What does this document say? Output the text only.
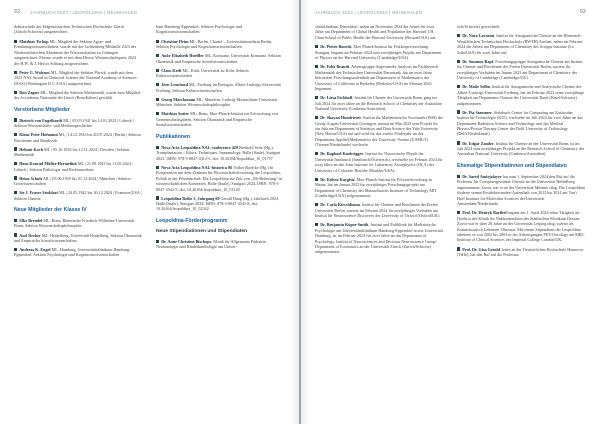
92 JAHRBUCH 2023 | LEOPOLDINA | NEUWAHLEN
doktorwürde der Eidgenössischen Technischen Hochschule Zürich (Zürich/Schweiz) ausgezeichnet.
Matthias Tschöp ML, Mitglied der Sektion Agrar- und Ernährungswissenschaften, wurde mit der Lichtenberg-Medaille 2023 der Niedersächsischen Akademie der Wissenschaften zu Göttingen ausgezeichnet. Ebenso wurde er mit dem Hector Wissenschaftspreis 2024 der H.W. & J. Hector Stiftung ausgezeichnet.
Peter G. Wolynes ML, Mitglied der Sektion Physik, wurde mit dem 2023 NAS Award in Chemical Science der National Academy of Sciences (NAS) (Washington D.C./USA) ausgezeichnet.
Don Zagier ML, Mitglied der Sektion Mathematik, wurde zum Mitglied der Accademia Nazionale dei Lincei (Rom/Italien) gewählt.
Verstorbene Mitglieder
Dietrich von Engelhardt ML | 05.05.1941 bis 14.01.2023 | Lübeck | Sektion Wissenschafts- und Medizingeschichte
Klaus Peter Hofmann ML | 14.12.1943 bis 20.07.2024 | Berlin | Sektion Biochemie und Biophysik
Helmut Koch ML | 05.10.1932 bis 12.11.2024 | Dresden | Sektion Mathematik
Hans Konrad Müller-Hermelink ML | 21.09.1943 bis 11.05.2024 | Lübeck | Sektion Pathologie und Rechtsmedizin
Heinz Schulz ML | 05.06.1935 bis 01.12.2024 | München | Sektion Geowissenschaften
Sir J. Fraser Stoddart ML | 24.05.1942 bis 30.12.2024 | Evanston/USA | Sektion Chemie
Neue Mitglieder der Klasse IV
Elke Brendel ML, Bonn, Rheinische Friedrich-Wilhelms-Universität Bonn, Sektion Wissenschaftsphilosophie
Axel Dreher ML, Heidelberg, Universität Heidelberg, Sektion Ökonomik und Empirische Sozialwissenschaften
Andreas K. Engel ML, Hamburg, Universitätsklinikum Hamburg-Eppendorf, Sektion Psychologie und Kognitionswissenschaften
kum Hamburg-Eppendorf, Sektion Psychologie und Kognitionswissenschaften
Christine Heim ML, Berlin, Charité – Universitätsmedizin Berlin, Sektion Psychologie und Kognitionswissenschaften
Anke Elisabeth Hoeffler ML, Konstanz, Universität Konstanz, Sektion Ökonomik und Empirische Sozialwissenschaften
Claus Kreß ML, Köln, Universität zu Köln, Sektion Kulturwissenschaften
Jörn Leonhard ML, Freiburg im Breisgau, Albert-Ludwigs-Universität Freiburg, Sektion Kulturwissenschaften
Georg Marckmann ML, München, Ludwig-Maximilians-Universität München, Sektion Wissenschaftsphilosophie
Matthias Sutter ML, Bonn, Max-Planck-Institut zur Erforschung von Gemeinschaftsgütern, Sektion Ökonomik und Empirische Sozialwissenschaften
Publikationen
Nova Acta Leopoldina NAL-conference 429 Berthold Seitz (Hg.), Transplantation – Ethics, Techniques, Immunology, Halle (Saale), Stuttgart 2023. ISBN: 978-3-8047-4312-5, doi: 10.26164/leopoldina_10_01757
Nova Acta Leopoldina NAL-historica 86 Volker Roelcke (Hg.) In Kooperation mit dem Zentrum für Wissenschaftsforschung der Leopoldina, Politik in der Wissenschaft: Die Leopoldina zur Zeit von „NS-Belastung“ in wissenschaftlichen Kontexten, Halle (Saale), Stuttgart 2024. ISBN: 978-3-8047-4542-5, doi: 10.26164/leopoldina_10_01229
Leopoldina Reihe 3, Jahrgang 69 Gerald Haug (Hg.), Jahrbuch 2023, Halle (Saale), Stuttgart 2024. ISBN: 978-3-8047-4541-8, doi: 10.26164/leopoldina_10_02342
Leopoldina-Förderprogramm
Neue Stipendiatinnen und Stipendiaten
Dr. Anne Christine Bischops, Klinik für Allgemeine Pädiatrie, Neonatologie und Kinderkardiologie am Univer-
JAHRBUCH 2023 | LEOPOLDINA | NEUWAHLEN	93
sitätsklinikum Düsseldorf, nahm im November 2024 die Arbeit für zwei Jahre am Department of Global Health and Population der Harvard T.H. Chan School of Public Health der Harvard University (Boston/USA) auf.
Dr. Pietro Bonetti, Max-Planck-Institut für Festkörperforschung Stuttgart, begann im Februar 2024 sein zweijähriges Projekt am Department of Physics an der Harvard University (Cambridge/USA).
Dr. Felix Brandt, Arbeitsgruppe Angewandte Analysis im Fachbereich Mathematik der Technischen Universität Darmstadt, hat im zwei Jahre befristeten Forschungsaufenthalt am Department of Mathematics der University of California at Berkeley (Berkeley/USA) im Februar 2023 begonnen.
Dr. Liesa Eickhoff, Institut für Chemie der Universität Bonn, ging im Juli 2024 für zwei Jahre an die Research School of Chemistry der Australian National University (Canberra/Australien).
Dr. Shayan Hundrieser, Institut für Mathematische Stochastik (IMS) der Georg-August-Universität Göttingen, nimmt im Mai 2023 sein Projekt für ein Jahr am Department of Statistics and Data Science der Yale University (New Haven/USA) auf und wird für das zweite Förderjahr an das Department Applied Mathematics der University Twente (UAMUT) (Twente/Niederlande) wechseln.
Dr. Raphael Knobrigger, Institut für Theoretische Physik der Universität Innsbruck (Innsbruck/Österreich), wechselte im Februar 2024 für zwei Jahre an das Joint Institute for Laboratory Astrophysics (JILA) der University of Colorado Boulder (Boulder/USA).
Dr. Kübra Kaygisiz, Max-Planck-Institut für Polymerforschung in Mainz, hat im Januar 2025 ihr zweijähriges Forschungsprojekt am Department of Chemistry des Massachusetts Institute of Technology MIT (Cambridge/USA) aufgenommen.
Dr. Carla Kirschbaum, Institut für Chemie und Biochemie der Freien Universität Berlin, startete im Februar 2024 ihr zweijähriges Vorhaben am Institut für Neuroscience Discovery der University of Oxford (Oxford/UK).
Dr. Benjamin Küper-Smith, Institut und Poliklinik für Medizinische Psychologie am Universitätsklinikum Hamburg-Eppendorf sowie Universität Hamburg, ist im Februar 2024 für zwei Jahre an das Department of Psychology, Institut of Neurosciences and Decision Neuroscience Group/ Department of Economics an der Universität Zürich (Zürich/Schweiz) aufgenommen.
rich/Schweiz) gewechselt.
Dr. Nora Lavarini, Institut für Anorganische Chemie an der Rheinisch-Westfälischen Technischen Hochschule (RWTH) Aachen, nahm im Februar 2024 die Arbeit am Department of Chemistry des Scripps Institute (La Jolla/USA) für zwei Jahre auf.
Dr. Susanne Rapf, Forschungsgruppe Anorganische Chemie am Institut für Chemie und Biochemie der Freien Universität Berlin, startete ihr zweijähriges Vorhaben im Januar 2023 am Department of Chemistry der University of Cambridge (Cambridge/UK).
Dr. Malte Sellin, Institut für Anorganische und Analytische Chemie der Albert-Ludwigs-Universität Freiburg, hat im Februar 2023 seine zweijährige Tätigkeit am Department Chemie der Universität Basel (Basel/Schweiz) aufgenommen.
Dr. Pia Stammer, Steinbuch Center for Computing am Karlsruher Institut für Technologie (KIT), wechselte im Juli 2024 für zwei Jahre an das Department Radiation Science and Technology und das Medical Physics/Proton Therapy Center der Delft University of Technology (Delft/Niederlande).
Dr. Edgar Zander, Institut für Chemie an der Universität Bonn, ist im Juli 2024 sein zweijähriges Projekt an der Research School of Chemistry der Australian National University (Canberra/Australien).
Ehemalige Stipendiatinnen und Stipendiaten
Dr. Saeed Amirjalayer hat zum 1. September 2024 den Ruf auf die Professur für Computergestützte Chemie an der Universität Heidelberg angenommen. Zuvor war er an der Universität Münster tätig. Die Leopoldina förderte seinen Postdoktoranden-Aufenthalt von 2012 bis 2014 am Van't Hoff Institute for Molecular Sciences der Universität Amsterdam/Niederlande.
Prof. Dr. Henryk Barthel begann am 1. April 2024 seine Tätigkeit als Direktor der Klinik für Nuklearmedizin des Städtischen Klinikum Dessau. Zuvor war er über 20 Jahre an der Universität Leipzig tätig, zuletzt als Kommissarisch Leitender Oberarzt. Mit einem Stipendium der Leopoldina arbeitete er von 2002 bis 2003 in der Arbeitsgruppe PET-Oncology am MRC Institute of Clinical Sciences des Imperial College London/UK.
Prof. Dr. Gisa Gerold, leitet an der Tierärztlichen Hochschule Hannover (TiHo), hat den Ruf auf die Professur
